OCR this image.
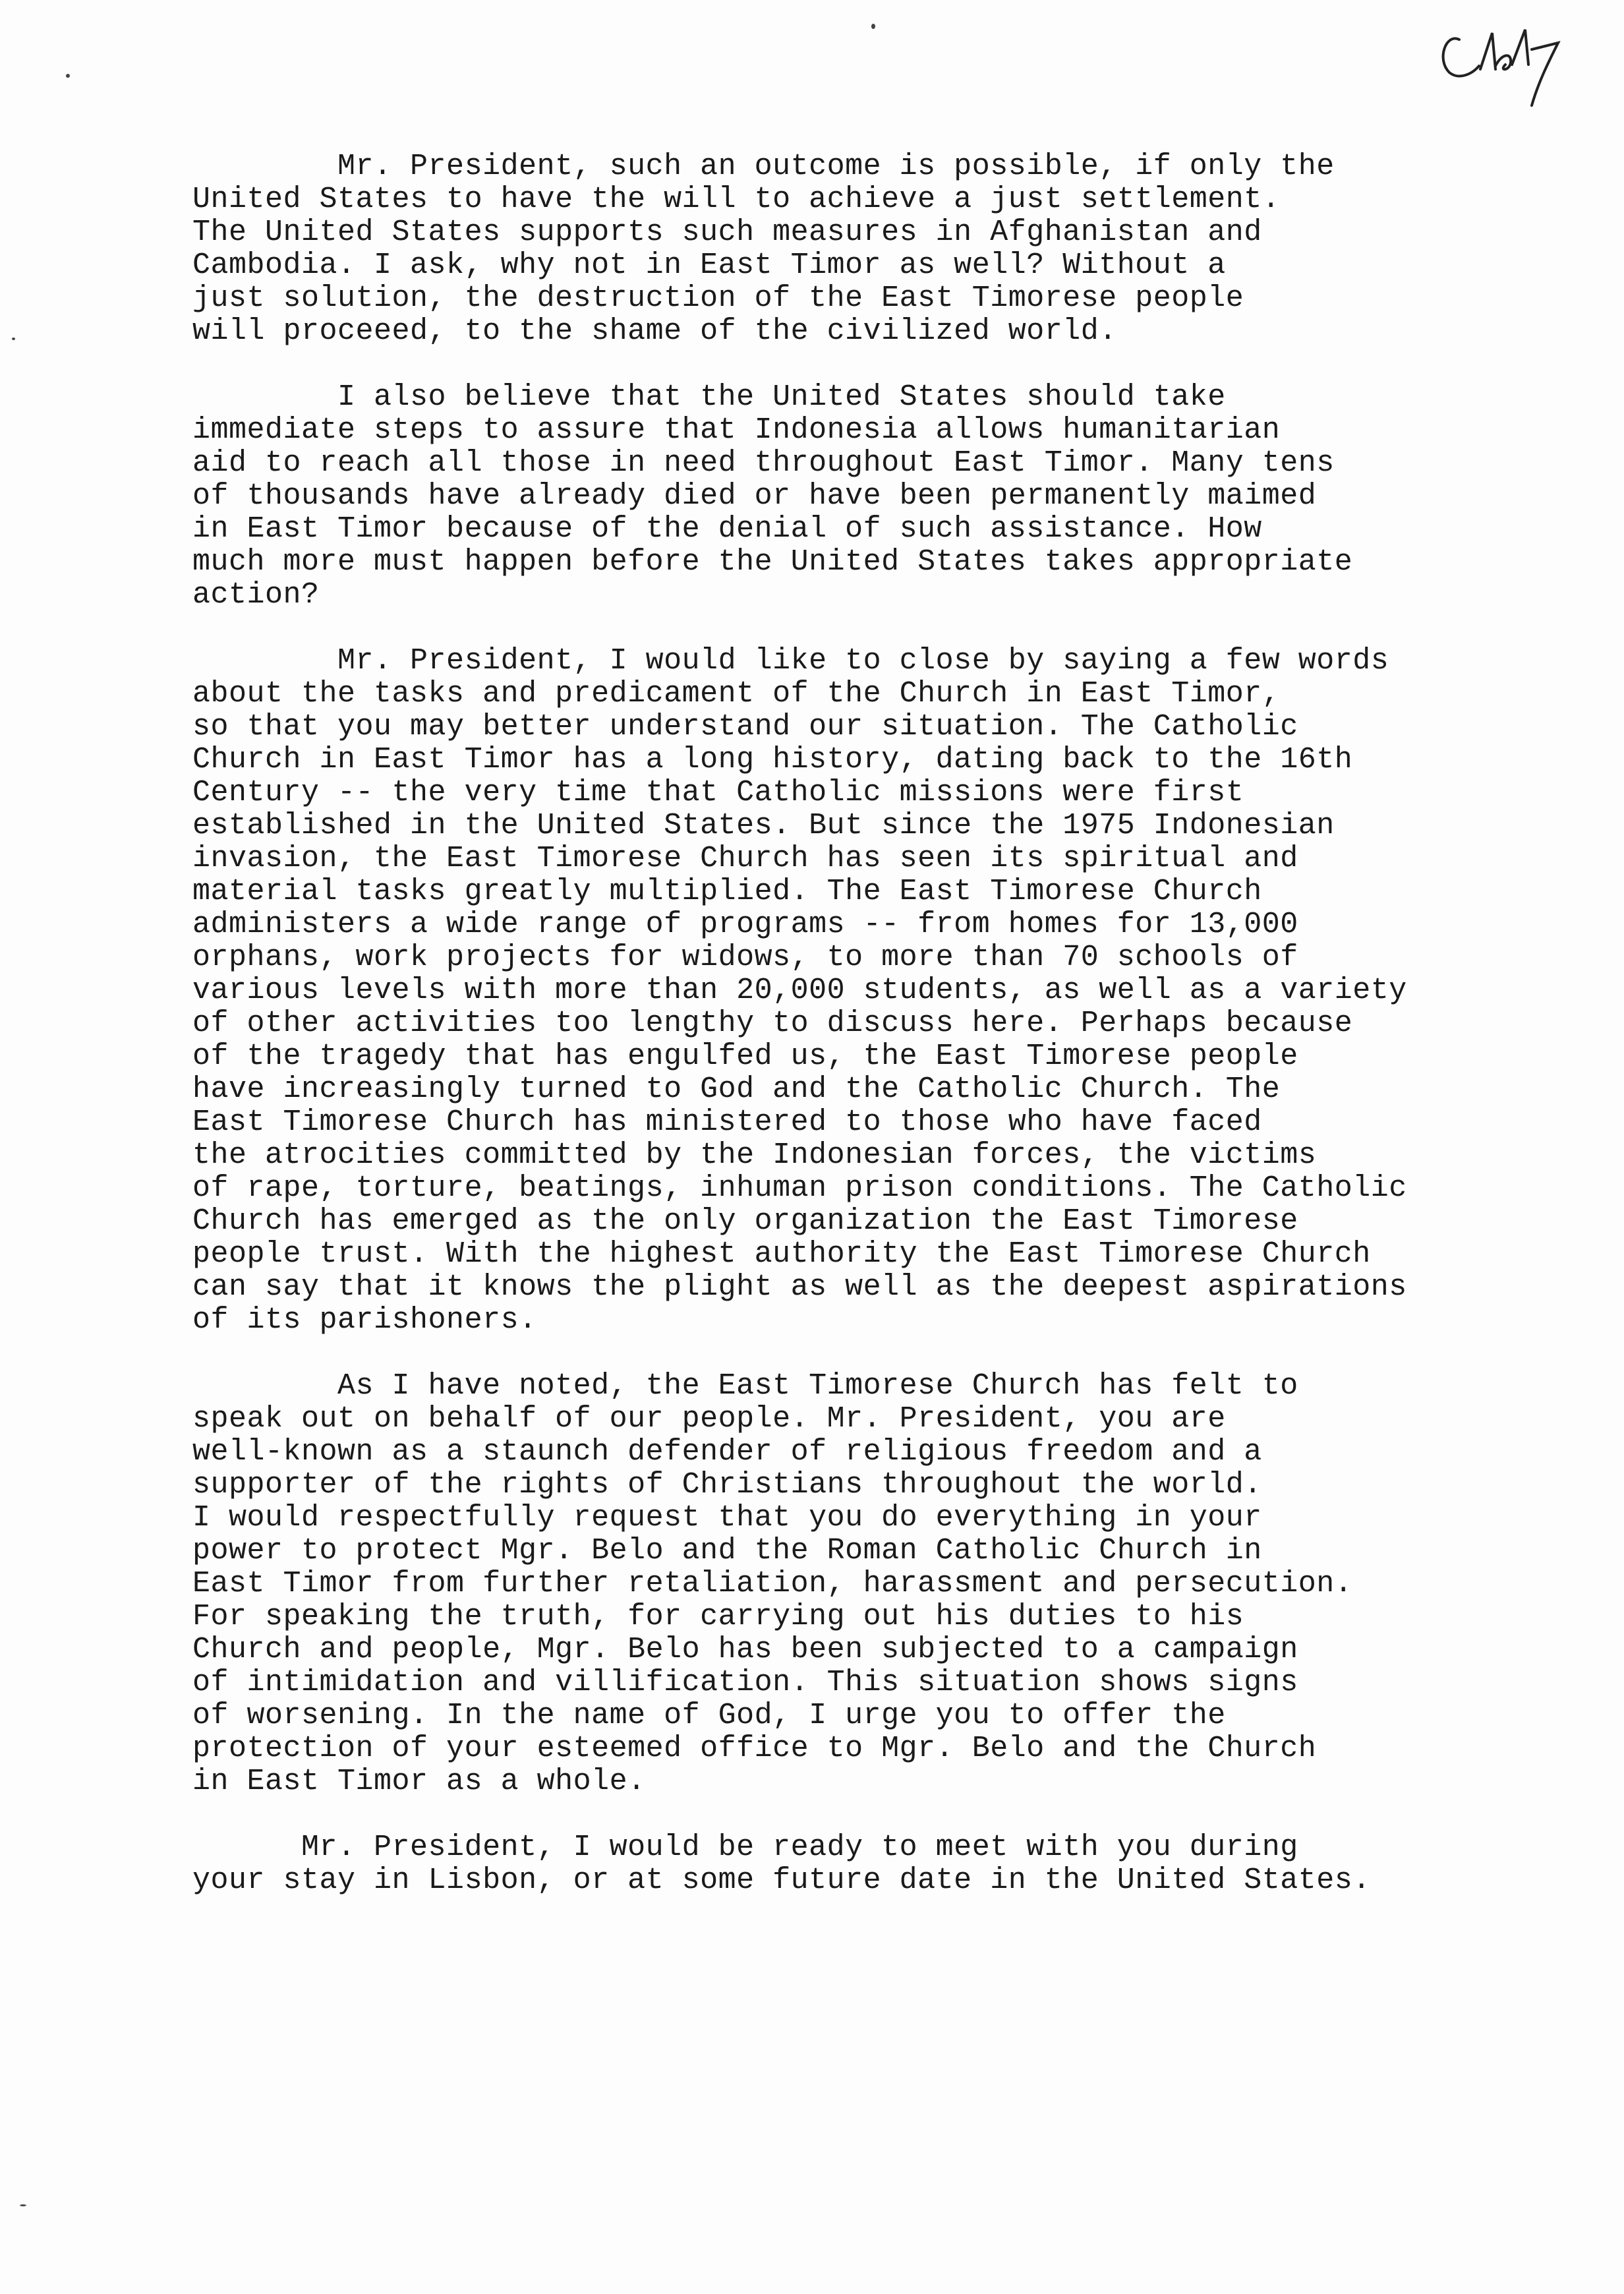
Mr. President, such an outcome is possible, if only the
United States to have the will to achieve a just settlement.
The United States supports such measures in Afghanistan and
Cambodia. I ask, why not in East Timor as well? Without a
just solution, the destruction of the East Timorese people
will proceeed, to the shame of the civilized world.
I also believe that the United States should take
immediate steps to assure that Indonesia allows humanitarian
aid to reach all those in need throughout East Timor. Many tens
of thousands have already died or have been permanently maimed
in East Timor because of the denial of such assistance. How
much more must happen before the United States takes appropriate
action?
Mr. President, I would like to close by saying a few words
about the tasks and predicament of the Church in East Timor,
so that you may better understand our situation. The Catholic
Church in East Timor has a long history, dating back to the 16th
Century -- the very time that Catholic missions were first
established in the United States. But since the 1975 Indonesian
invasion, the East Timorese Church has seen its spiritual and
material tasks greatly multiplied. The East Timorese Church
administers a wide range of programs -- from homes for 13,000
orphans, work projects for widows, to more than 70 schools of
various levels with more than 20,000 students, as well as a variety
of other activities too lengthy to discuss here. Perhaps because
of the tragedy that has engulfed us, the East Timorese people
have increasingly turned to God and the Catholic Church. The
East Timorese Church has ministered to those who have faced
the atrocities committed by the Indonesian forces, the victims
of rape, torture, beatings, inhuman prison conditions. The Catholic
Church has emerged as the only organization the East Timorese
people trust. With the highest authority the East Timorese Church
can say that it knows the plight as well as the deepest aspirations
of its parishoners.
As I have noted, the East Timorese Church has felt to
speak out on behalf of our people. Mr. President, you are
well-known as a staunch defender of religious freedom and a
supporter of the rights of Christians throughout the world.
I would respectfully request that you do everything in your
power to protect Mgr. Belo and the Roman Catholic Church in
East Timor from further retaliation, harassment and persecution.
For speaking the truth, for carrying out his duties to his
Church and people, Mgr. Belo has been subjected to a campaign
of intimidation and villification. This situation shows signs
of worsening. In the name of God, I urge you to offer the
protection of your esteemed office to Mgr. Belo and the Church
in East Timor as a whole.
Mr. President, I would be ready to meet with you during
your stay in Lisbon, or at some future date in the United States.
